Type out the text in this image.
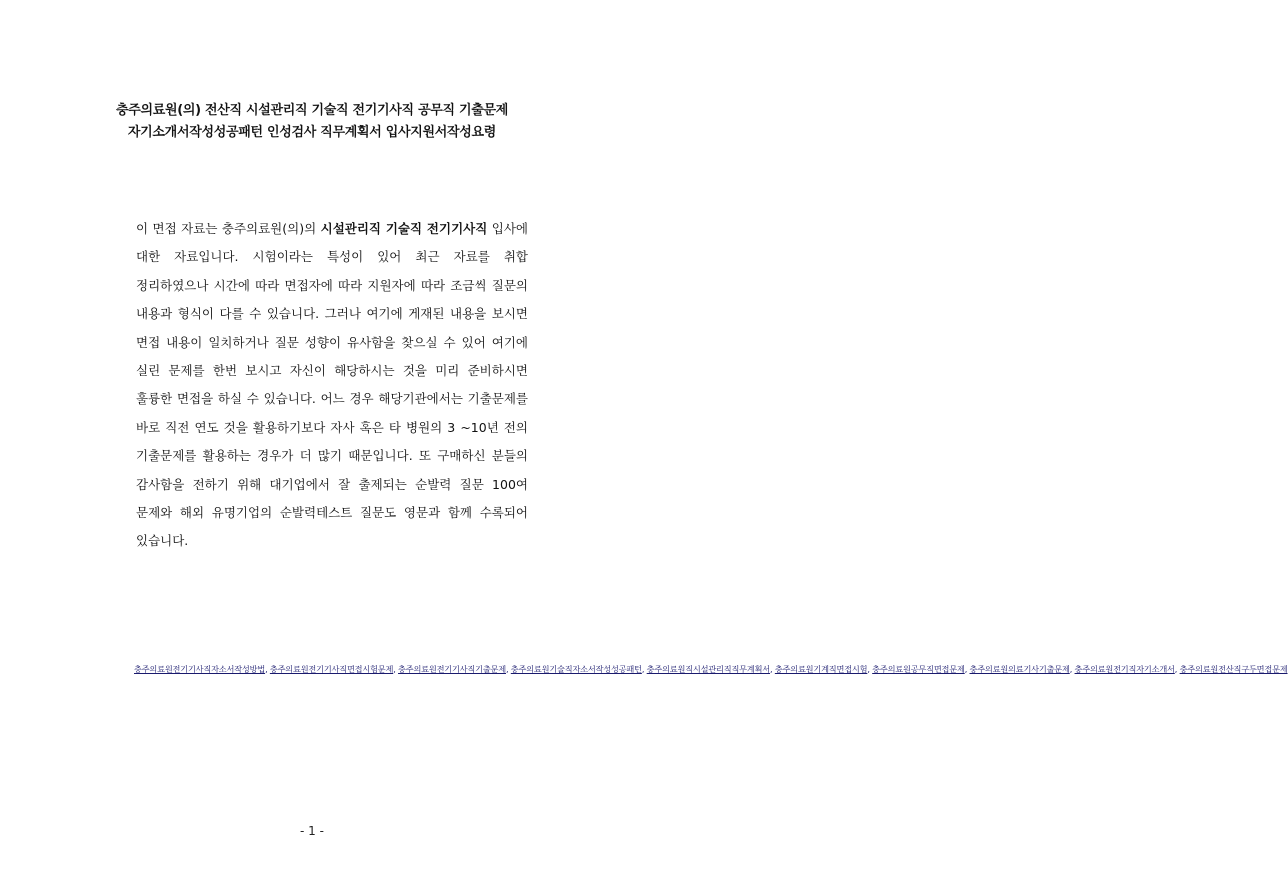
충주의료원(의) 전산직 시설관리직 기술직 전기기사직 공무직 기출문제
자기소개서작성성공패턴 인성검사 직무계획서 입사지원서작성요령
이 면접 자료는 충주의료원(의)의 시설관리직 기술직 전기기사직 입사에 대한 자료입니다. 시험이라는 특성이 있어 최근 자료를 취합 정리하였으나 시간에 따라 면접자에 따라 지원자에 따라 조금씩 질문의 내용과 형식이 다를 수 있습니다. 그러나 여기에 게재된 내용을 보시면 면접 내용이 일치하거나 질문 성향이 유사함을 찾으실 수 있어 여기에 실린 문제를 한번 보시고 자신이 해당하시는 것을 미리 준비하시면 훌륭한 면접을 하실 수 있습니다. 어느 경우 해당기관에서는 기출문제를 바로 직전 연도 것을 활용하기보다 자사 혹은 타 병원의 3 ~10년 전의 기출문제를 활용하는 경우가 더 많기 때문입니다. 또 구매하신 분들의 감사함을 전하기 위해 대기업에서 잘 출제되는 순발력 질문 100여 문제와 해외 유명기업의 순발력테스트 질문도 영문과 함께 수록되어 있습니다.
충주의료원전기기사직자소서작성방법, 충주의료원전기기사직면접시험문제, 충주의료원전기기사직기출문제, 충주의료원기술직자소서작성성공패턴, 충주의료원직시설관리직직무계획서, 충주의료원기계직면접시험, 충주의료원공무직면접문제, 충주의료원의료기사기출문제, 충주의료원전기직자기소개서, 충주의료원전산직구두면접문제
- 1 -
